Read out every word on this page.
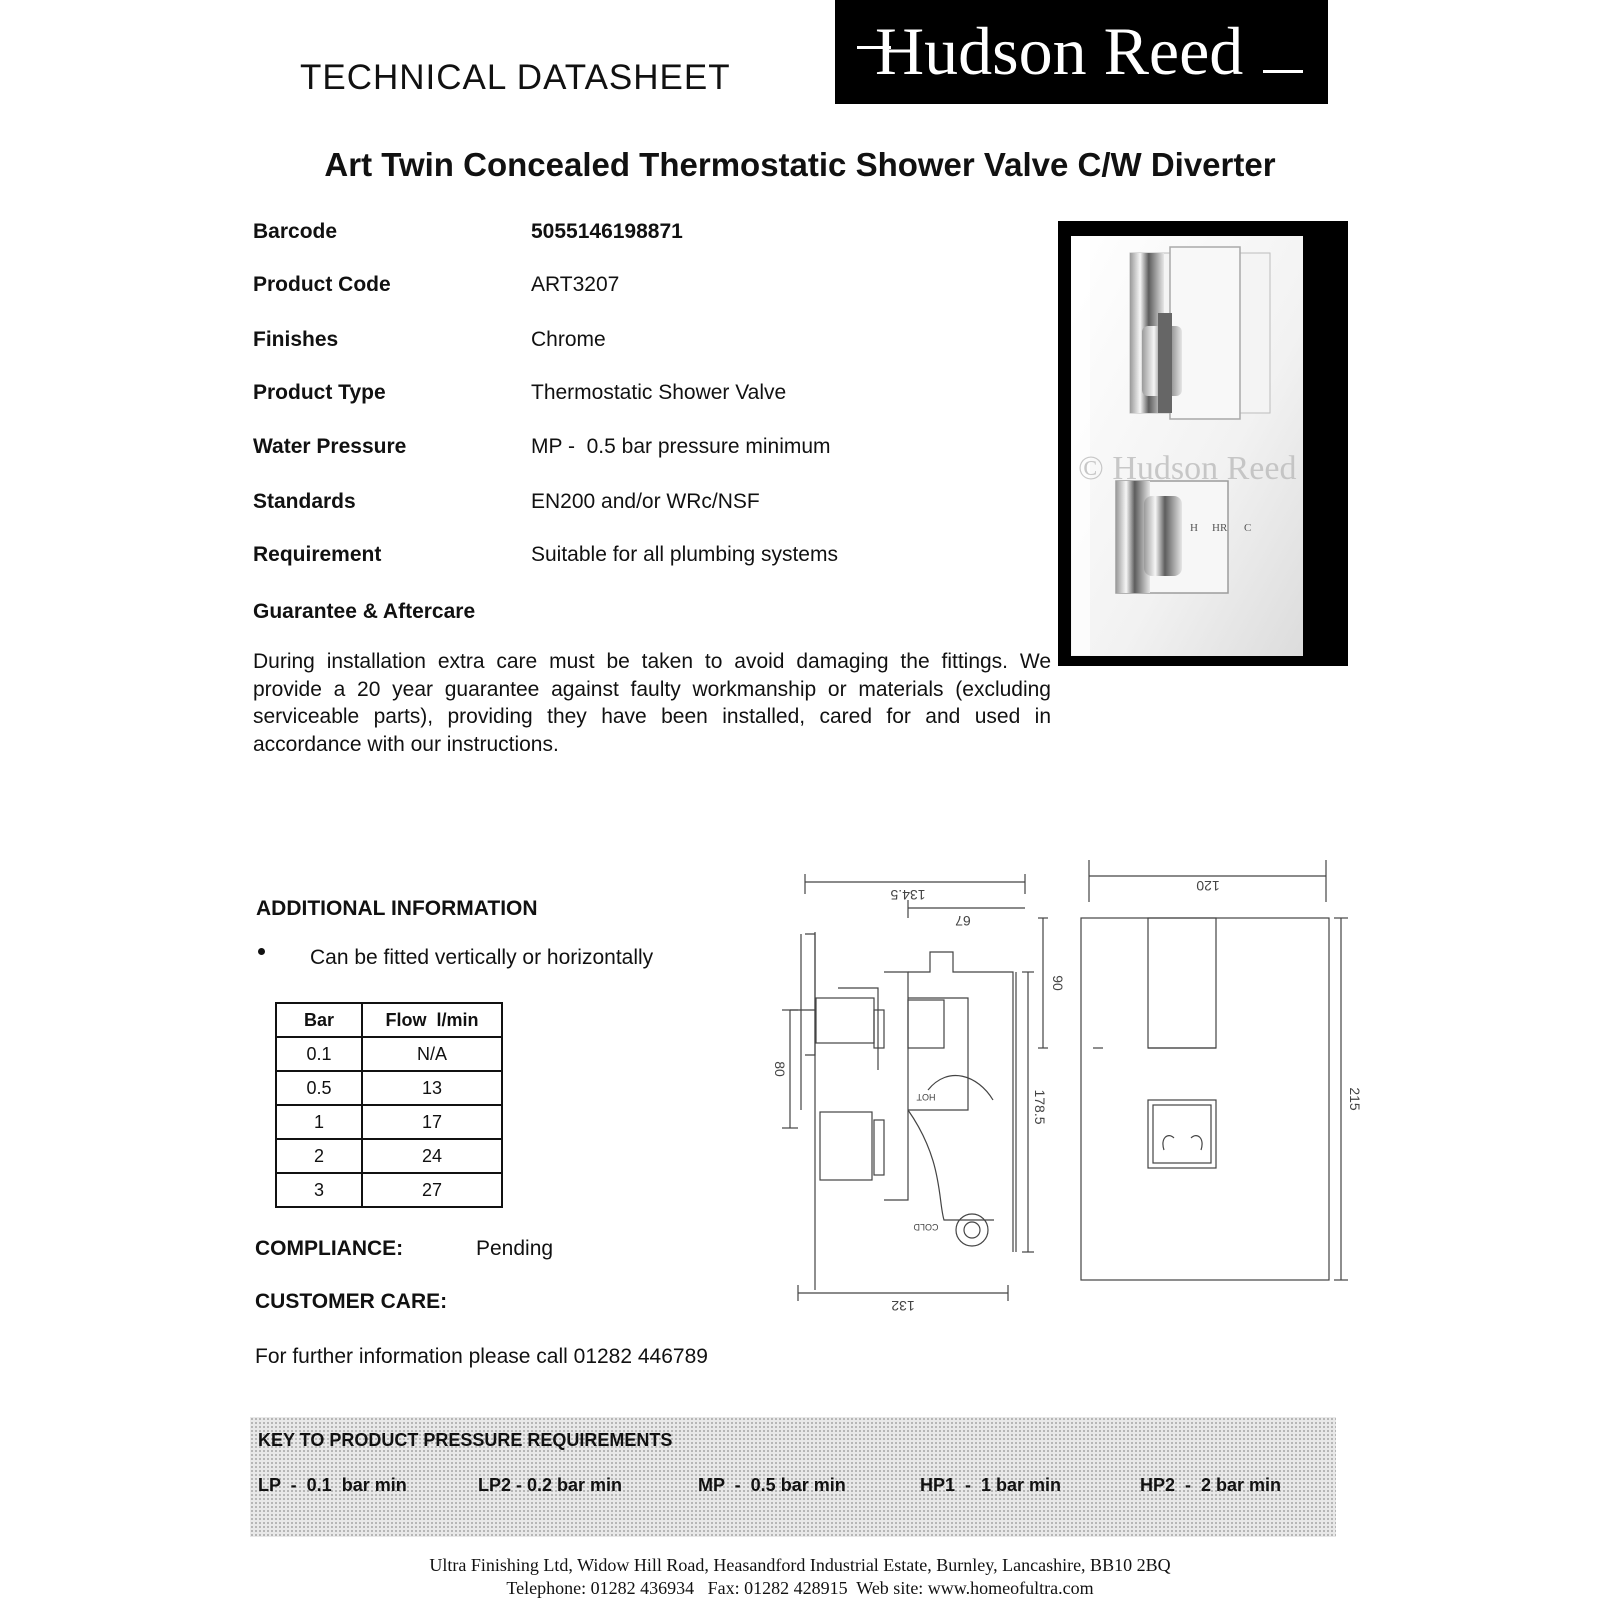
TECHNICAL DATASHEET Hudson Reed
Art Twin Concealed Thermostatic Shower Valve C/W Diverter
Barcode	5055146198871
Product Code	ART3207
Finishes	Chrome
Product Type	Thermostatic Shower Valve
Water Pressure	MP -  0.5 bar pressure minimum
Standards	EN200 and/or WRc/NSF
Requirement	Suitable for all plumbing systems
Guarantee & Aftercare
During installation extra care must be taken to avoid damaging the fittings. We provide a 20 year guarantee against faulty workmanship or materials (excluding serviceable parts), providing they have been installed, cared for and used in accordance with our instructions.
H HR C
© Hudson Reed
ADDITIONAL INFORMATION
Can be fitted vertically or horizontally
Bar	Flow  l/min
0.1	N/A
0.5	13
1	17
2	24
3	27
COMPLIANCE:	Pending
CUSTOMER CARE:
For further information please call 01282 446789
134.5
67
80
178.5
132
120
90
215
HOT
COLD
KEY TO PRODUCT PRESSURE REQUIREMENTS
LP  -  0.1  bar min	LP2 - 0.2 bar min	MP  -  0.5 bar min	HP1  -  1 bar min	HP2  -  2 bar min
Ultra Finishing Ltd, Widow Hill Road, Heasandford Industrial Estate, Burnley, Lancashire, BB10 2BQ
Telephone: 01282 436934   Fax: 01282 428915  Web site: www.homeofultra.com
